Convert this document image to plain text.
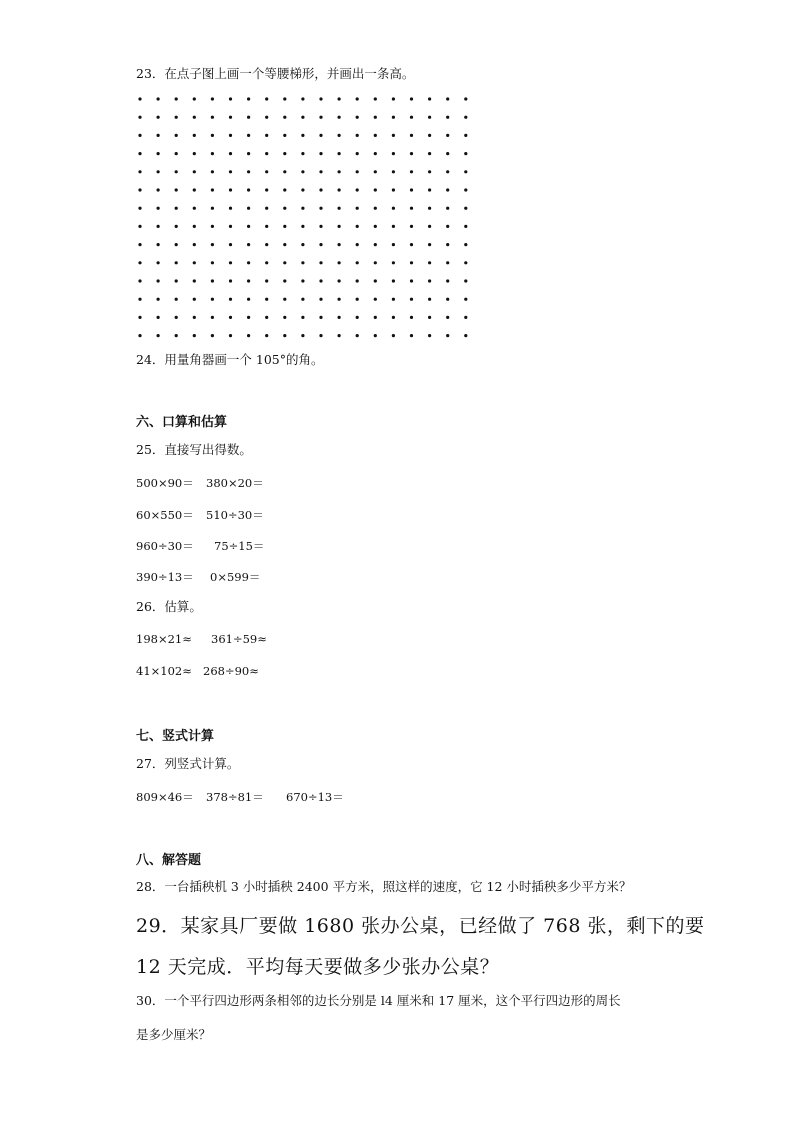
23．在点子图上画一个等腰梯形，并画出一条高。
24．用量角器画一个 105°的角。
六、口算和估算
25．直接写出得数。
500×90＝ 380×20＝
60×550＝ 510÷30＝
960÷30＝ 75÷15＝
390÷13＝ 0×599＝
26．估算。
198×21≈ 361÷59≈
41×102≈ 268÷90≈
七、竖式计算
27．列竖式计算。
809×46＝ 378÷81＝ 670÷13＝
八、解答题
28．一台插秧机 3 小时插秧 2400 平方米，照这样的速度，它 12 小时插秧多少平方米？
29．某家具厂要做 1680 张办公桌，已经做了 768 张，剩下的要
12 天完成．平均每天要做多少张办公桌？
30．一个平行四边形两条相邻的边长分别是 l4 厘米和 17 厘米，这个平行四边形的周长
是多少厘米？
